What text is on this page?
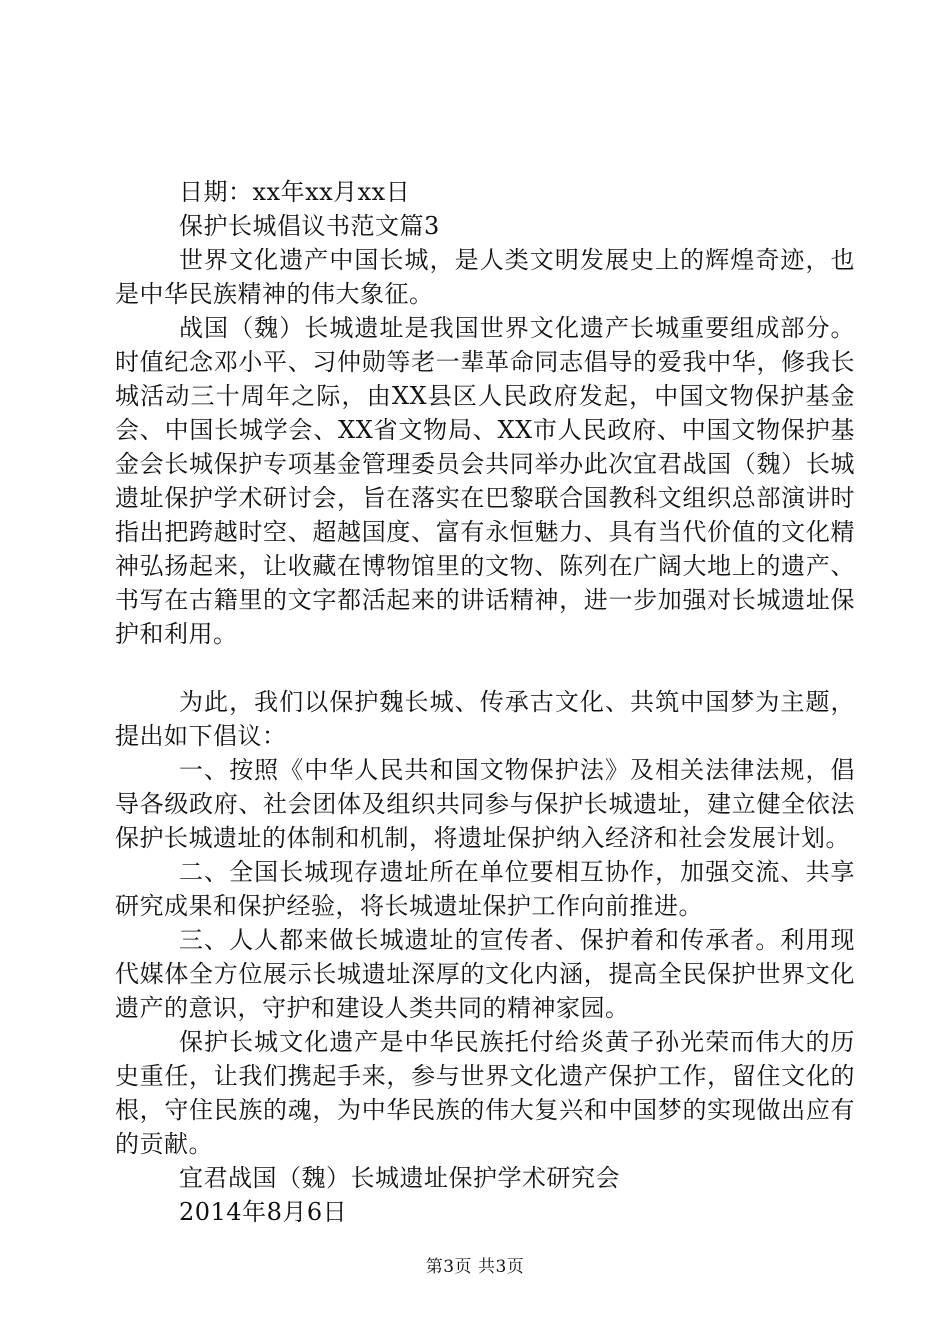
日期：xx年xx月xx日
保护长城倡议书范文篇3

世界文化遗产中国长城，是人类文明发展史上的辉煌奇迹，也是中华民族精神的伟大象征。

战国（魏）长城遗址是我国世界文化遗产长城重要组成部分。时值纪念邓小平、习仲勋等老一辈革命同志倡导的爱我中华，修我长城活动三十周年之际，由XX县区人民政府发起，中国文物保护基金会、中国长城学会、XX省文物局、XX市人民政府、中国文物保护基金会长城保护专项基金管理委员会共同举办此次宜君战国（魏）长城遗址保护学术研讨会，旨在落实在巴黎联合国教科文组织总部演讲时指出把跨越时空、超越国度、富有永恒魅力、具有当代价值的文化精神弘扬起来，让收藏在博物馆里的文物、陈列在广阔大地上的遗产、书写在古籍里的文字都活起来的讲话精神，进一步加强对长城遗址保护和利用。

为此，我们以保护魏长城、传承古文化、共筑中国梦为主题，提出如下倡议：

一、按照《中华人民共和国文物保护法》及相关法律法规，倡导各级政府、社会团体及组织共同参与保护长城遗址，建立健全依法保护长城遗址的体制和机制，将遗址保护纳入经济和社会发展计划。

二、全国长城现存遗址所在单位要相互协作，加强交流、共享研究成果和保护经验，将长城遗址保护工作向前推进。

三、人人都来做长城遗址的宣传者、保护着和传承者。利用现代媒体全方位展示长城遗址深厚的文化内涵，提高全民保护世界文化遗产的意识，守护和建设人类共同的精神家园。

保护长城文化遗产是中华民族托付给炎黄子孙光荣而伟大的历史重任，让我们携起手来，参与世界文化遗产保护工作，留住文化的根，守住民族的魂，为中华民族的伟大复兴和中国梦的实现做出应有的贡献。

宜君战国（魏）长城遗址保护学术研究会
2014年8月6日
第3页 共3页
